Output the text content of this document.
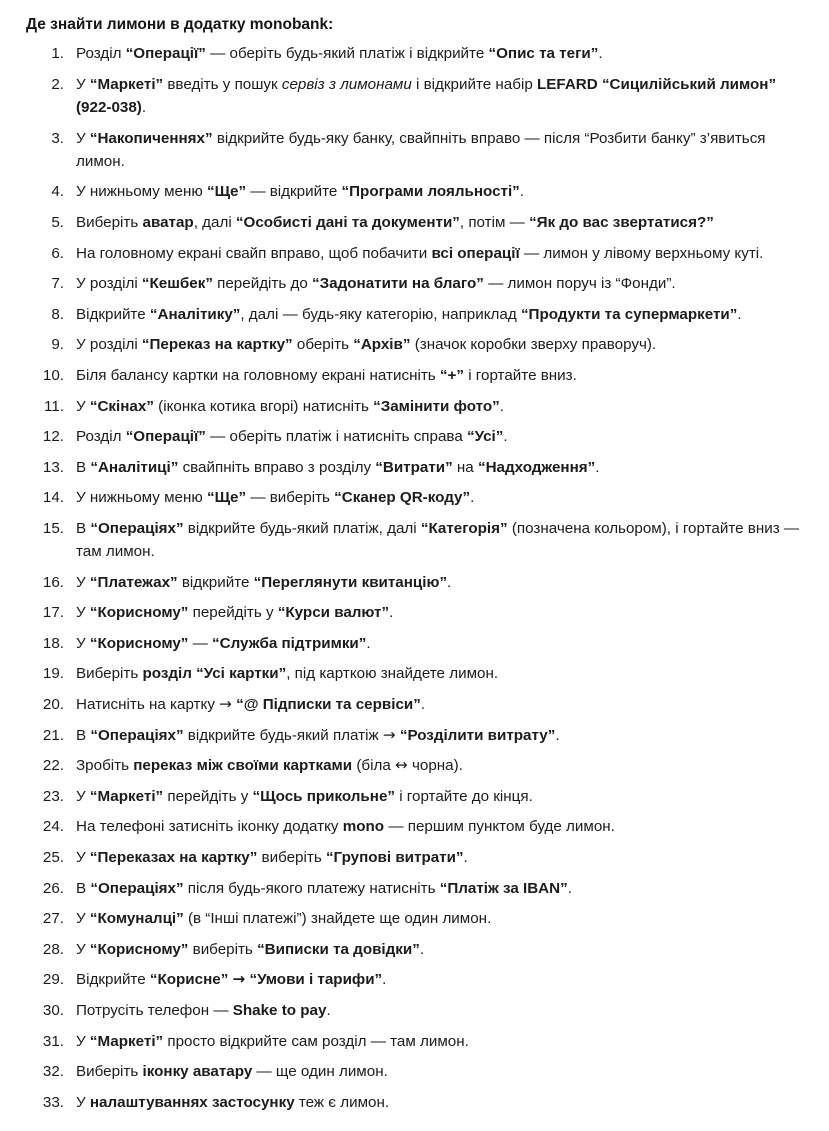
Де знайти лимони в додатку monobank:
1. Розділ “Операції” — оберіть будь-який платіж і відкрийте “Опис та теги”.
2. У “Маркеті” введіть у пошук сервіз з лимонами і відкрийте набір LEFARD “Сицилійський лимон” (922-038).
3. У “Накопиченнях” відкрийте будь-яку банку, свайпніть вправо — після “Розбити банку” з’явиться лимон.
4. У нижньому меню “Ще” — відкрийте “Програми лояльності”.
5. Виберіть аватар, далі “Особисті дані та документи”, потім — “Як до вас звертатися?”
6. На головному екрані свайп вправо, щоб побачити всі операції — лимон у лівому верхньому куті.
7. У розділі “Кешбек” перейдіть до “Задонатити на благо” — лимон поруч із “Фонди”.
8. Відкрийте “Аналітику”, далі — будь-яку категорію, наприклад “Продукти та супермаркети”.
9. У розділі “Переказ на картку” оберіть “Архів” (значок коробки зверху праворуч).
10. Біля балансу картки на головному екрані натисніть “+” і гортайте вниз.
11. У “Скінах” (іконка котика вгорі) натисніть “Замінити фото”.
12. Розділ “Операції” — оберіть платіж і натисніть справа “Усі”.
13. В “Аналітиці” свайпніть вправо з розділу “Витрати” на “Надходження”.
14. У нижньому меню “Ще” — виберіть “Сканер QR-коду”.
15. В “Операціях” відкрийте будь-який платіж, далі “Категорія” (позначена кольором), і гортайте вниз — там лимон.
16. У “Платежах” відкрийте “Переглянути квитанцію”.
17. У “Корисному” перейдіть у “Курси валют”.
18. У “Корисному” — “Служба підтримки”.
19. Виберіть розділ “Усі картки”, під карткою знайдете лимон.
20. Натисніть на картку → “@ Підписки та сервіси”.
21. В “Операціях” відкрийте будь-який платіж → “Розділити витрату”.
22. Зробіть переказ між своїми картками (біла ↔ чорна).
23. У “Маркеті” перейдіть у “Щось прикольне” і гортайте до кінця.
24. На телефоні затисніть іконку додатку mono — першим пунктом буде лимон.
25. У “Переказах на картку” виберіть “Групові витрати”.
26. В “Операціях” після будь-якого платежу натисніть “Платіж за IBAN”.
27. У “Комуналці” (в “Інші платежі”) знайдете ще один лимон.
28. У “Корисному” виберіть “Виписки та довідки”.
29. Відкрийте “Корисне” → “Умови і тарифи”.
30. Потрусіть телефон — Shake to pay.
31. У “Маркеті” просто відкрийте сам розділ — там лимон.
32. Виберіть іконку аватару — ще один лимон.
33. У налаштуваннях застосунку теж є лимон.
